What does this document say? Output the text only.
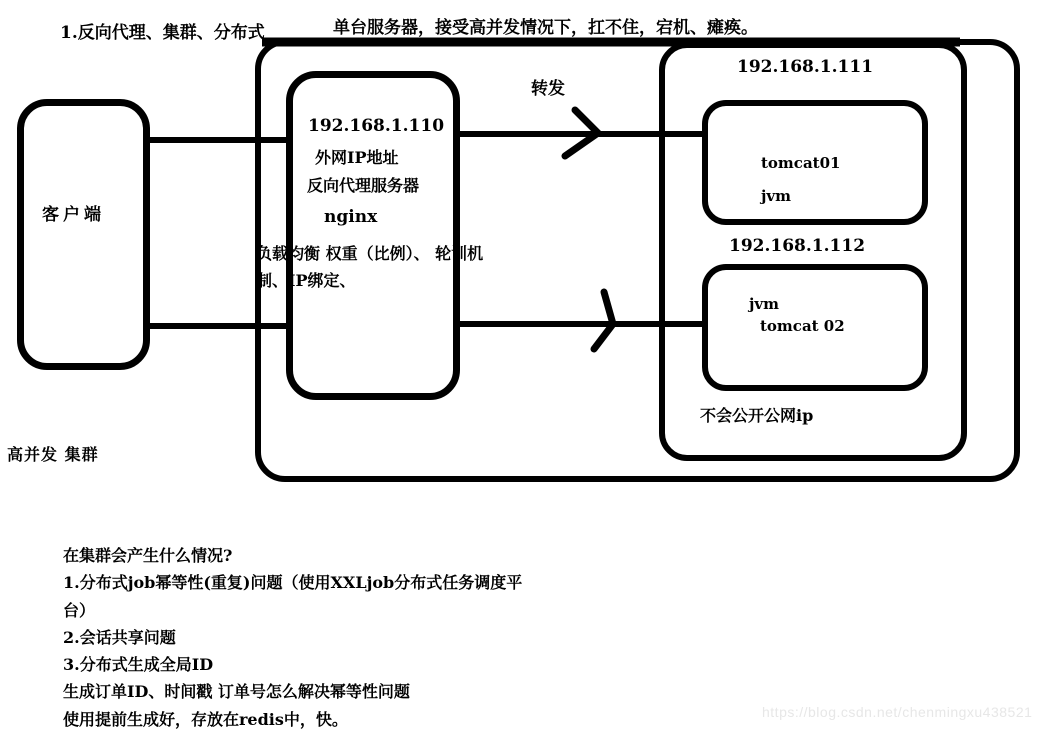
负载均衡 权重（比例）、 轮训机
制、IP绑定、
1.反向代理、集群、分布式	单台服务器，接受高并发情况下，扛不住，宕机、瘫痪。
客户端
192.168.1.110
外网IP地址
反向代理服务器
nginx
转发
192.168.1.111
tomcat01
jvm
192.168.1.112
jvm
tomcat 02
不会公开公网ip
高并发 集群
在集群会产生什么情况?
1.分布式job幂等性(重复)问题（使用XXLjob分布式任务调度平
台）
2.会话共享问题
3.分布式生成全局ID
生成订单ID、时间戳 订单号怎么解决幂等性问题
使用提前生成好，存放在redis中，快。	https://blog.csdn.net/chenmingxu438521
